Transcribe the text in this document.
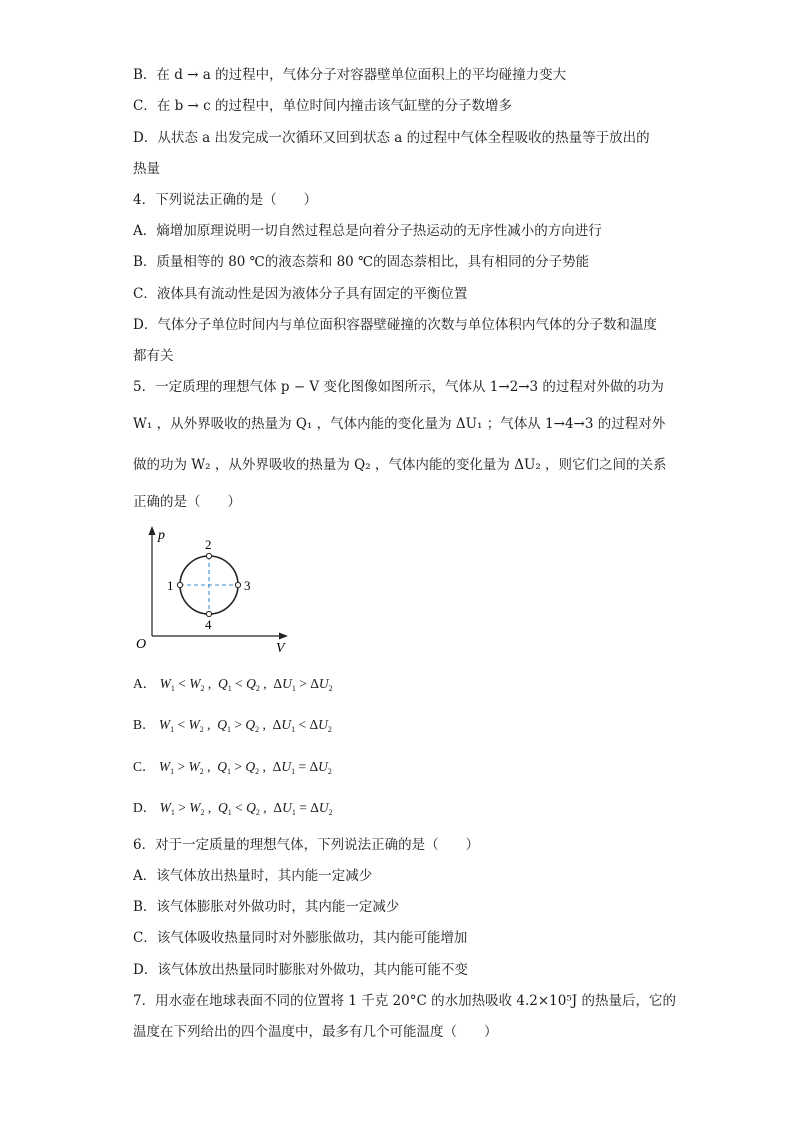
B．在 d → a 的过程中，气体分子对容器壁单位面积上的平均碰撞力变大
C．在 b → c 的过程中，单位时间内撞击该气缸壁的分子数增多
D．从状态 a 出发完成一次循环又回到状态 a 的过程中气体全程吸收的热量等于放出的
热量
4．下列说法正确的是（　　）
A．熵增加原理说明一切自然过程总是向着分子热运动的无序性减小的方向进行
B．质量相等的 80 ℃的液态萘和 80 ℃的固态萘相比，具有相同的分子势能
C．液体具有流动性是因为液体分子具有固定的平衡位置
D．气体分子单位时间内与单位面积容器壁碰撞的次数与单位体积内气体的分子数和温度
都有关
5．一定质理的理想气体 p − V 变化图像如图所示，气体从 1→2→3 的过程对外做的功为
W₁ ，从外界吸收的热量为 Q₁ ，气体内能的变化量为 ΔU₁ ；气体从 1→4→3 的过程对外
做的功为 W₂ ，从外界吸收的热量为 Q₂ ，气体内能的变化量为 ΔU₂ ，则它们之间的关系
正确的是（　　）
p
V
O
1
2
3
4
A． $W_1 < W_2$ ,  $Q_1 < Q_2$ ,  $\Delta U_1 > \Delta U_2$
B． $W_1 < W_2$ ,  $Q_1 > Q_2$ ,  $\Delta U_1 < \Delta U_2$
C． $W_1 > W_2$ ,  $Q_1 > Q_2$ ,  $\Delta U_1 = \Delta U_2$
D． $W_1 > W_2$ ,  $Q_1 < Q_2$ ,  $\Delta U_1 = \Delta U_2$
6．对于一定质量的理想气体，下列说法正确的是（　　）
A．该气体放出热量时，其内能一定减少
B．该气体膨胀对外做功时，其内能一定减少
C．该气体吸收热量同时对外膨胀做功，其内能可能增加
D．该气体放出热量同时膨胀对外做功，其内能可能不变
7．用水壶在地球表面不同的位置将 1 千克 20°C 的水加热吸收 4.2×10⁵J 的热量后，它的
温度在下列给出的四个温度中，最多有几个可能温度（　　）
